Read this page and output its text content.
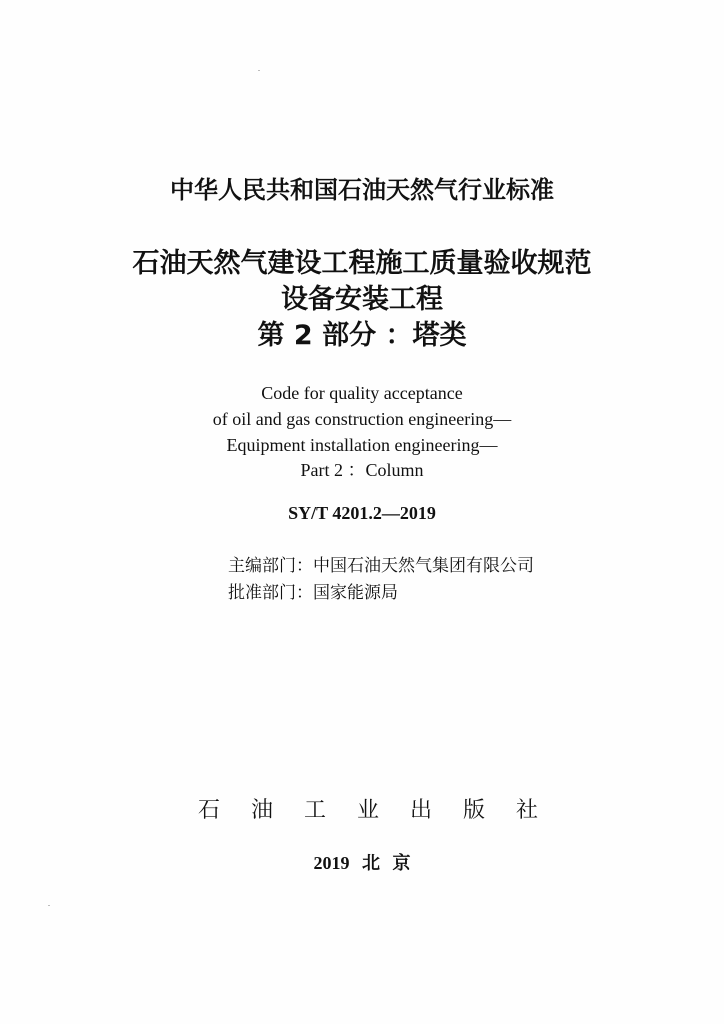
中华人民共和国石油天然气行业标准
石油天然气建设工程施工质量验收规范
设备安装工程
第 2 部分 ：塔类
Code for quality acceptance
of oil and gas construction engineering—
Equipment installation engineering—
Part 2 ：Column
SY/T 4201.2—2019
主编部门：中国石油天然气集团有限公司
批准部门：国家能源局
石 油 工 业 出 版 社
2019 北 京
